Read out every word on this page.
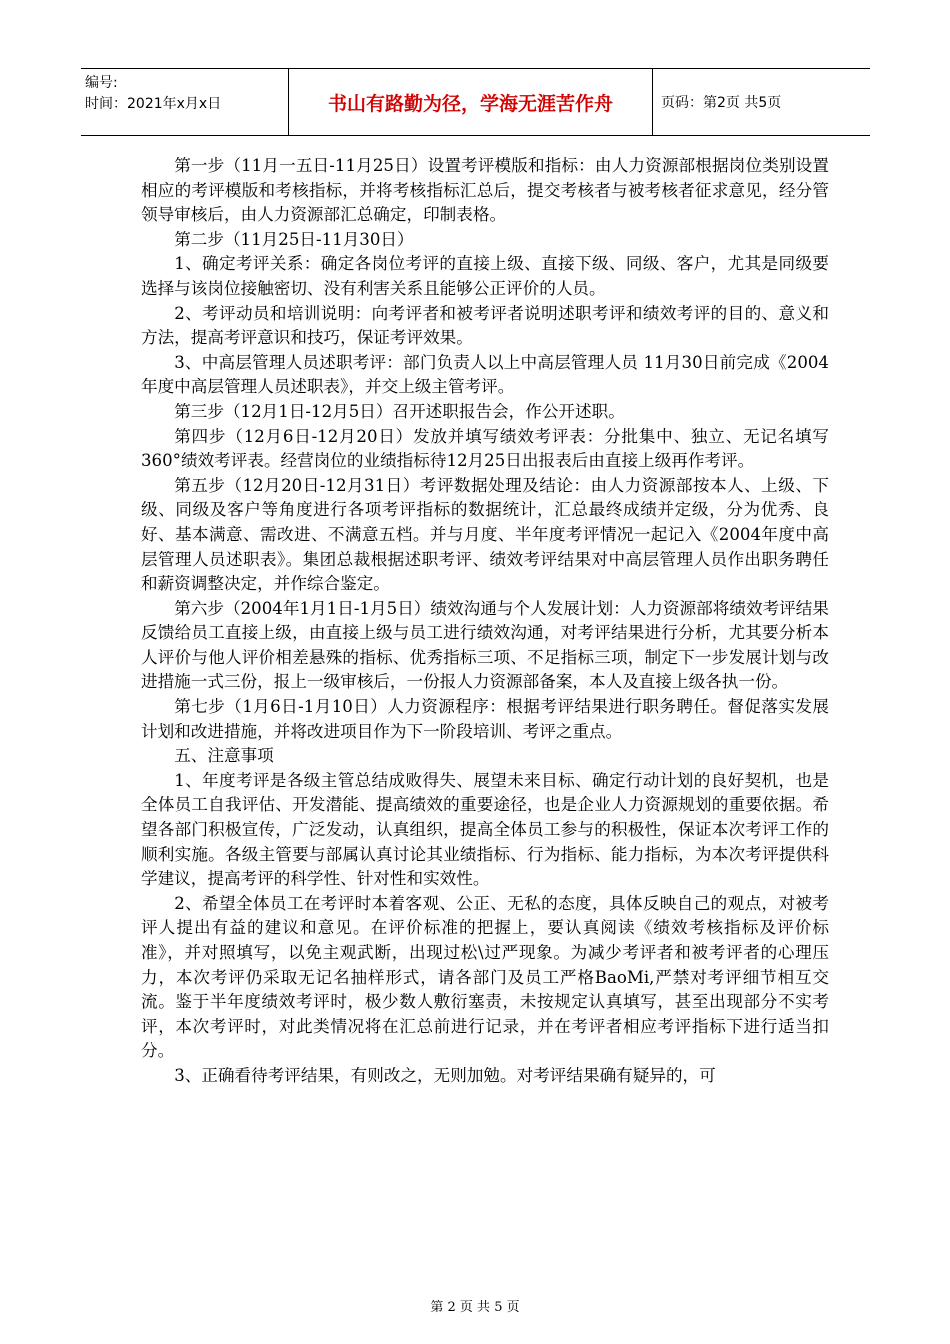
编号:
时间：2021年x月x日	书山有路勤为径，学海无涯苦作舟	页码：第2页 共5页

第一步（11月一五日-11月25日）设置考评模版和指标：由人力资源部根据岗位类别设置相应的考评模版和考核指标，并将考核指标汇总后，提交考核者与被考核者征求意见，经分管领导审核后，由人力资源部汇总确定，印制表格。

第二步（11月25日-11月30日）

1、确定考评关系：确定各岗位考评的直接上级、直接下级、同级、客户，尤其是同级要选择与该岗位接触密切、没有利害关系且能够公正评价的人员。

2、考评动员和培训说明：向考评者和被考评者说明述职考评和绩效考评的目的、意义和方法，提高考评意识和技巧，保证考评效果。

3、中高层管理人员述职考评：部门负责人以上中高层管理人员 11月30日前完成《2004年度中高层管理人员述职表》，并交上级主管考评。

第三步（12月1日-12月5日）召开述职报告会，作公开述职。

第四步（12月6日-12月20日）发放并填写绩效考评表：分批集中、独立、无记名填写360°绩效考评表。经营岗位的业绩指标待12月25日出报表后由直接上级再作考评。

第五步（12月20日-12月31日）考评数据处理及结论：由人力资源部按本人、上级、下级、同级及客户等角度进行各项考评指标的数据统计，汇总最终成绩并定级，分为优秀、良好、基本满意、需改进、不满意五档。并与月度、半年度考评情况一起记入《2004年度中高层管理人员述职表》。集团总裁根据述职考评、绩效考评结果对中高层管理人员作出职务聘任和薪资调整决定，并作综合鉴定。

第六步（2004年1月1日-1月5日）绩效沟通与个人发展计划：人力资源部将绩效考评结果反馈给员工直接上级，由直接上级与员工进行绩效沟通，对考评结果进行分析，尤其要分析本人评价与他人评价相差悬殊的指标、优秀指标三项、不足指标三项，制定下一步发展计划与改进措施一式三份，报上一级审核后，一份报人力资源部备案，本人及直接上级各执一份。

第七步（1月6日-1月10日）人力资源程序：根据考评结果进行职务聘任。督促落实发展计划和改进措施，并将改进项目作为下一阶段培训、考评之重点。

五、注意事项

1、年度考评是各级主管总结成败得失、展望未来目标、确定行动计划的良好契机，也是全体员工自我评估、开发潜能、提高绩效的重要途径，也是企业人力资源规划的重要依据。希望各部门积极宣传，广泛发动，认真组织，提高全体员工参与的积极性，保证本次考评工作的顺利实施。各级主管要与部属认真讨论其业绩指标、行为指标、能力指标，为本次考评提供科学建议，提高考评的科学性、针对性和实效性。

2、希望全体员工在考评时本着客观、公正、无私的态度，具体反映自己的观点，对被考评人提出有益的建议和意见。在评价标准的把握上，要认真阅读《绩效考核指标及评价标准》，并对照填写，以免主观武断，出现过松\过严现象。为减少考评者和被考评者的心理压力，本次考评仍采取无记名抽样形式，请各部门及员工严格BaoMi,严禁对考评细节相互交流。鉴于半年度绩效考评时，极少数人敷衍塞责，未按规定认真填写，甚至出现部分不实考评，本次考评时，对此类情况将在汇总前进行记录，并在考评者相应考评指标下进行适当扣分。

3、正确看待考评结果，有则改之，无则加勉。对考评结果确有疑异的，可

第 2 页 共 5 页
